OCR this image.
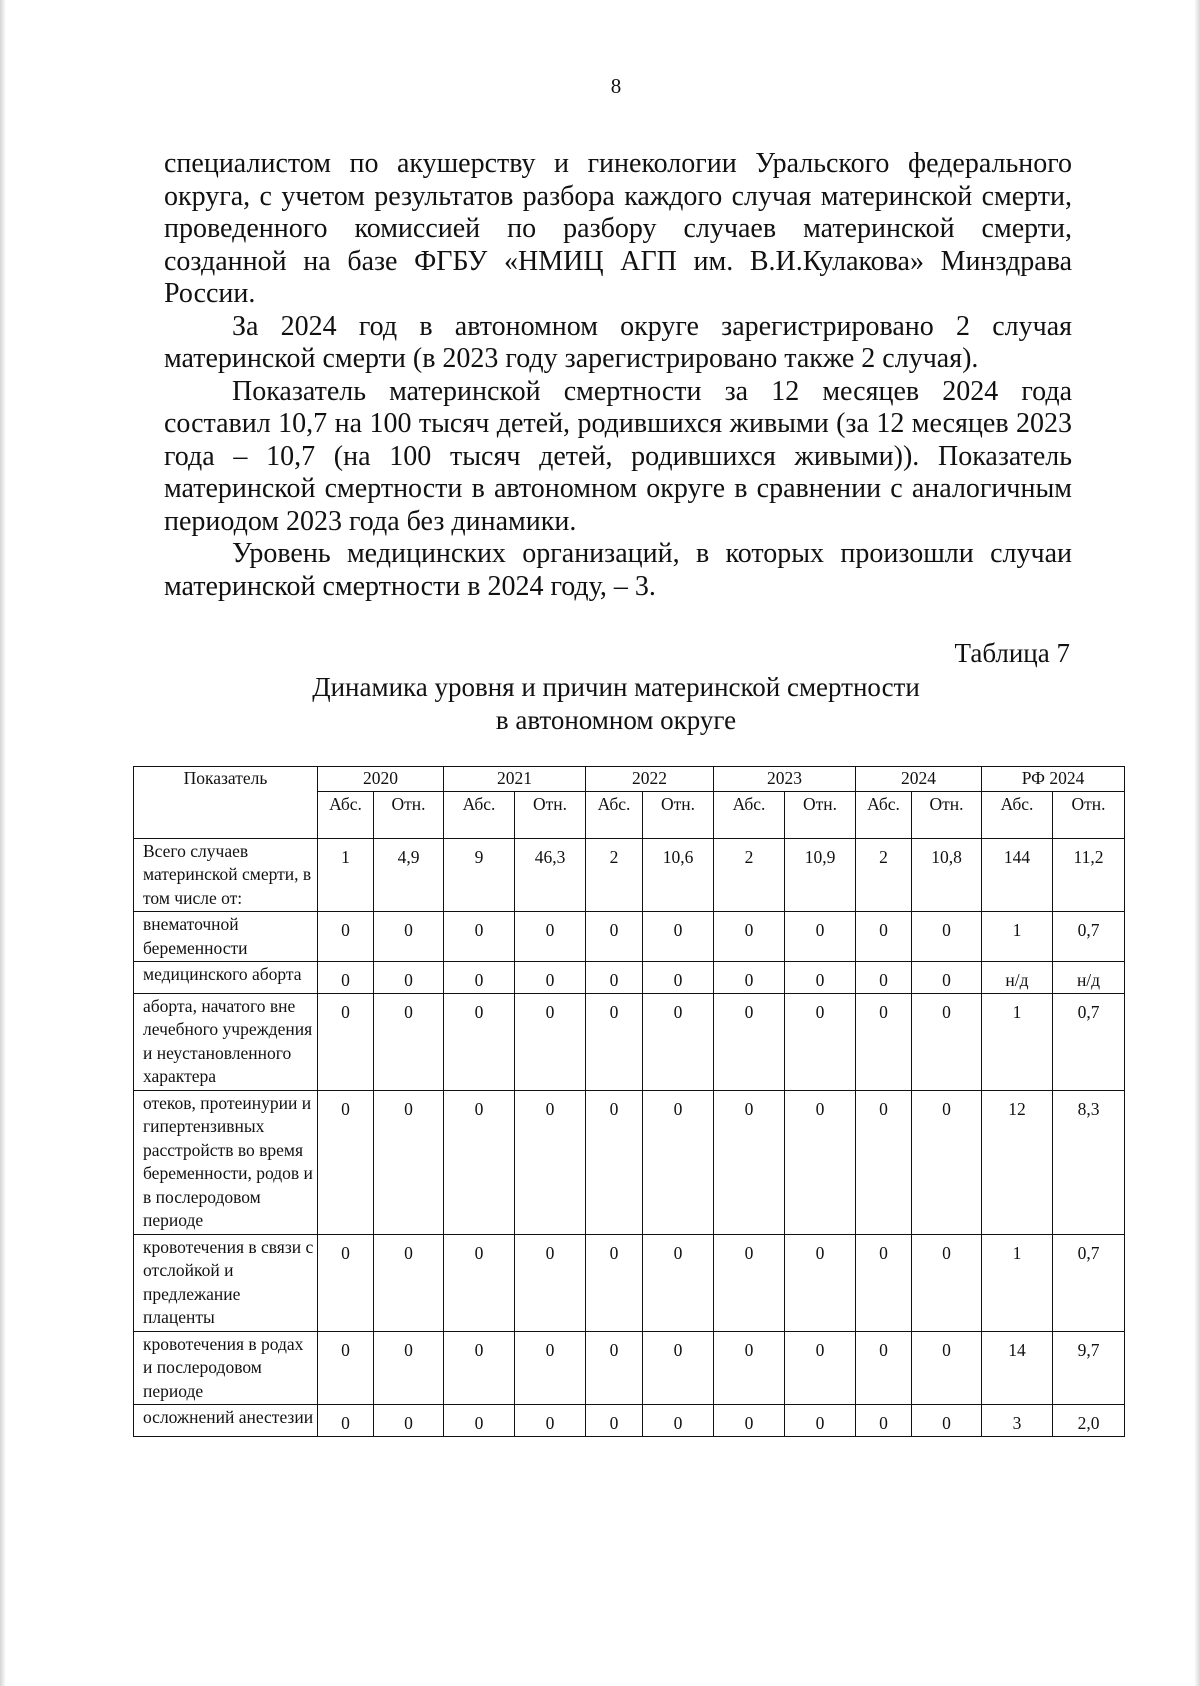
8

специалистом по акушерству и гинекологии Уральского федерального округа, с учетом результатов разбора каждого случая материнской смерти, проведенного комиссией по разбору случаев материнской смерти, созданной на базе ФГБУ «НМИЦ АГП им. В.И.Кулакова» Минздрава России.

За 2024 год в автономном округе зарегистрировано 2 случая материнской смерти (в 2023 году зарегистрировано также 2 случая).

Показатель материнской смертности за 12 месяцев 2024 года составил 10,7 на 100 тысяч детей, родившихся живыми (за 12 месяцев 2023 года – 10,7 (на 100 тысяч детей, родившихся живыми)). Показатель материнской смертности в автономном округе в сравнении с аналогичным периодом 2023 года без динамики.

Уровень медицинских организаций, в которых произошли случаи материнской смертности в 2024 году, – 3.

Таблица 7
Динамика уровня и причин материнской смертности
в автономном округе
Показатель	2020		2021		2022		2023		2024		РФ 2024	
	Абс.	Отн.	Абс.	Отн.	Абс.	Отн.	Абс.	Отн.	Абс.	Отн.	Абс.	Отн.
Всего случаев материнской смерти, в том числе от:	1	4,9	9	46,3	2	10,6	2	10,9	2	10,8	144	11,2
внематочной беременности	0	0	0	0	0	0	0	0	0	0	1	0,7
медицинского аборта	0	0	0	0	0	0	0	0	0	0	н/д	н/д
аборта, начатого вне лечебного учреждения и неустановленного характера	0	0	0	0	0	0	0	0	0	0	1	0,7
отеков, протеинурии и гипертензивных расстройств во время беременности, родов и в послеродовом периоде	0	0	0	0	0	0	0	0	0	0	12	8,3
кровотечения в связи с отслойкой и предлежание плаценты	0	0	0	0	0	0	0	0	0	0	1	0,7
кровотечения в родах и послеродовом периоде	0	0	0	0	0	0	0	0	0	0	14	9,7
осложнений анестезии	0	0	0	0	0	0	0	0	0	0	3	2,0
